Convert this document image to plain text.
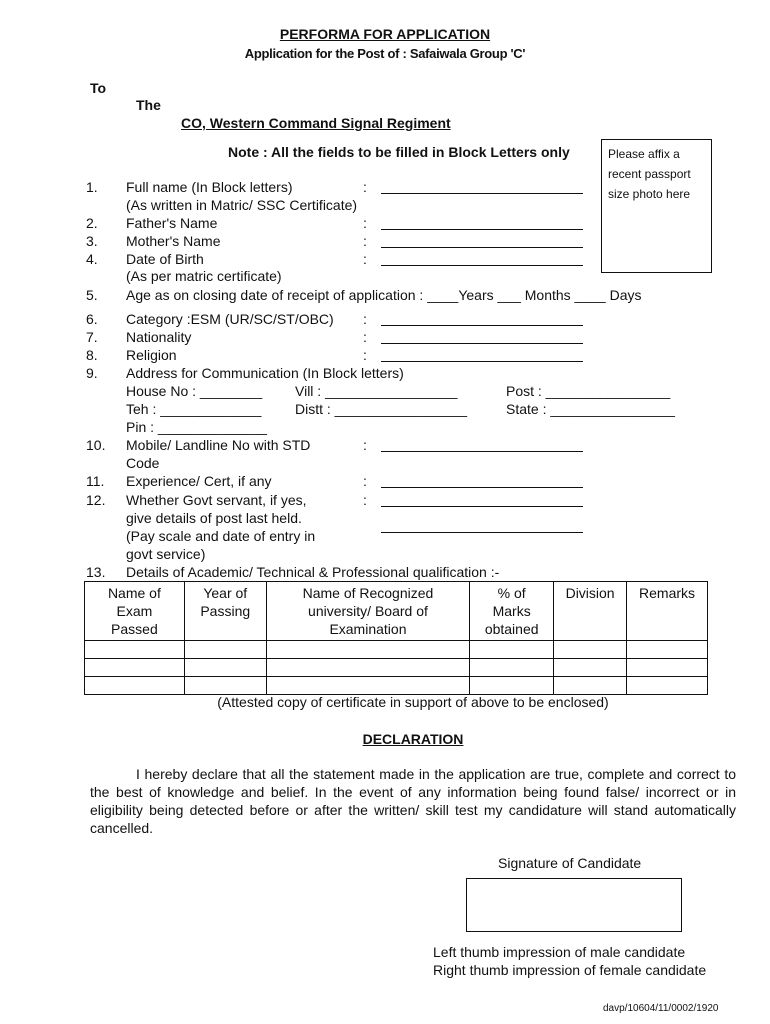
PERFORMA FOR APPLICATION
Application for the Post of : Safaiwala Group 'C'
To
The
CO, Western Command Signal Regiment
Note : All the fields to be filled in Block Letters only	Please affix a recent passport size photo here
1. Full name (In Block letters)	:
(As written in Matric/ SSC Certificate)
2. Father's Name	:
3. Mother's Name	:
4. Date of Birth	:
(As per matric certificate)
5. Age as on closing date of receipt of application : ____Years ___ Months ____ Days
6. Category :ESM (UR/SC/ST/OBC) :
7. Nationality	:
8. Religion	:
9. Address for Communication (In Block letters)
House No : ________ Vill : _________________	Post : ________________
Teh : _____________ Distt : _________________	State : ________________
Pin : ______________
10. Mobile/ Landline No with STD	:
Code
11. Experience/ Cert, if any	:
12. Whether Govt servant, if yes,
give details of post last held.
(Pay scale and date of entry in
govt service)
:
13. Details of Academic/ Technical & Professional qualification :-
Name of
Exam
Passed	Year of
Passing	Name of Recognized
university/ Board of
Examination	% of
Marks
obtained	Division	Remarks

(Attested copy of certificate in support of above to be enclosed)
DECLARATION
I hereby declare that all the statement made in the application are true, complete and correct to the best of knowledge and belief. In the event of any information being found false/ incorrect or in eligibility being detected before or after the written/ skill test my candidature will stand automatically cancelled.
Signature of Candidate
Left thumb impression of male candidate
Right thumb impression of female candidate
davp/10604/11/0002/1920
